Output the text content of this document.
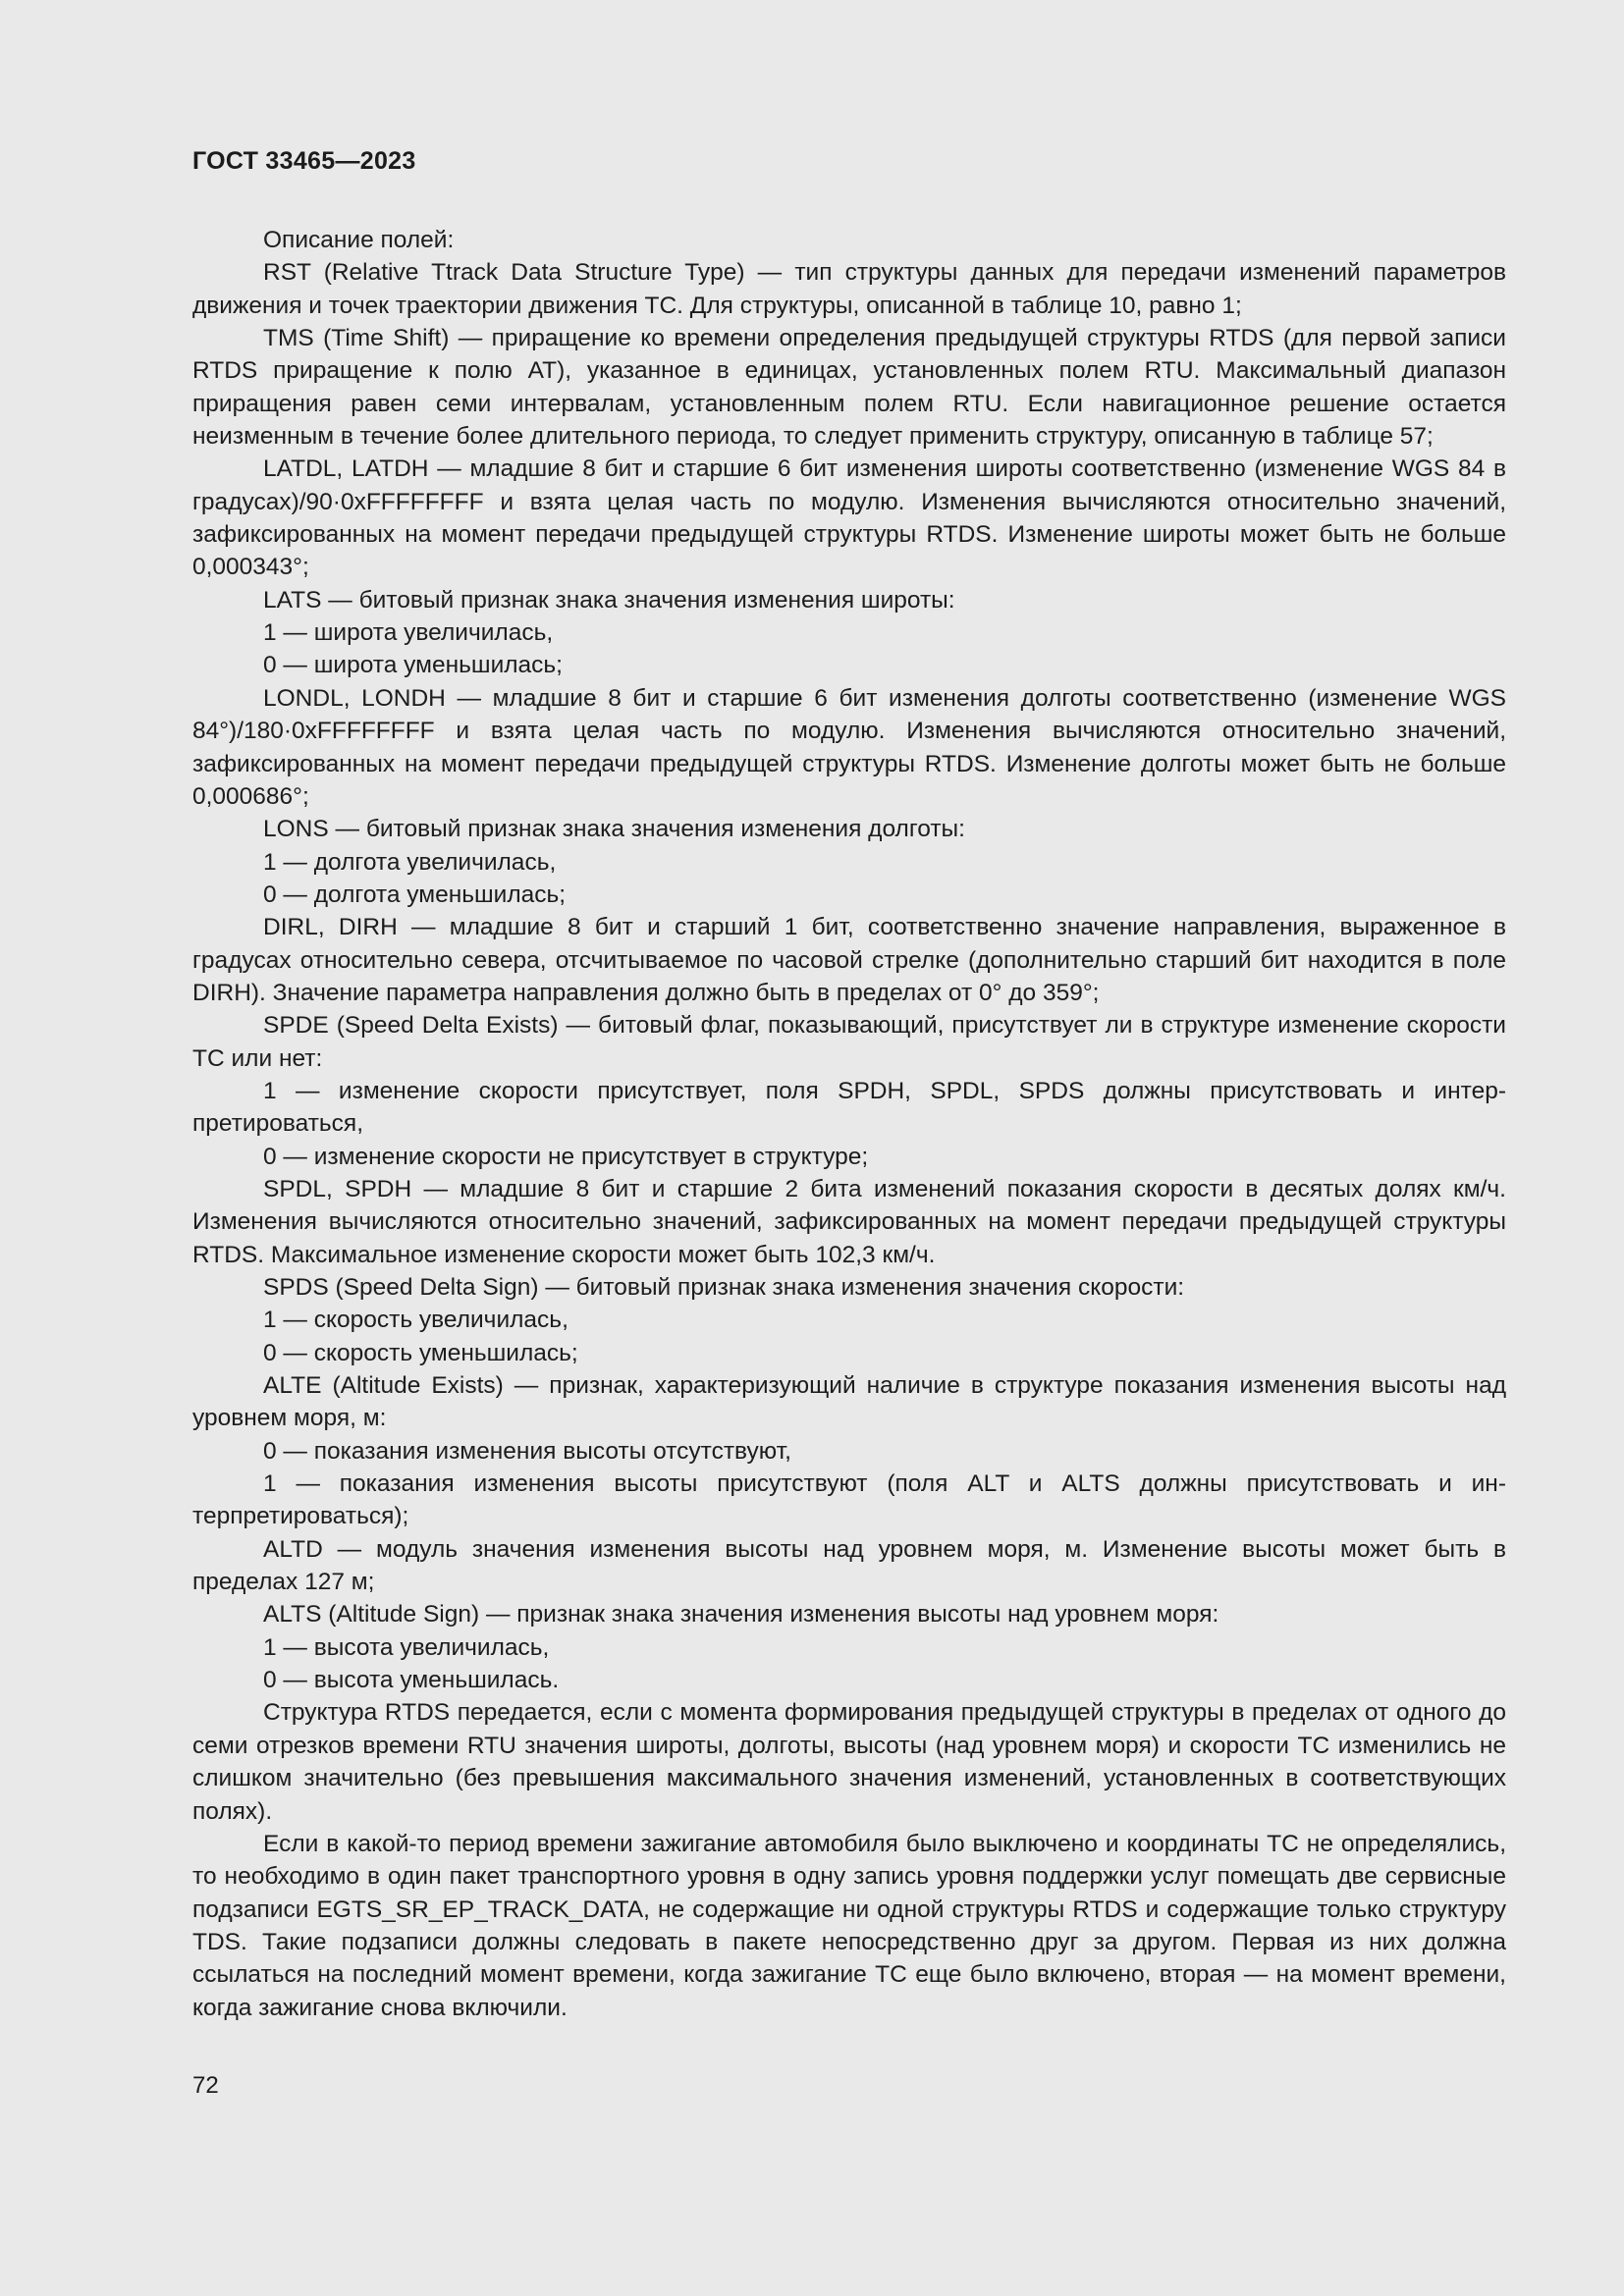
ГОСТ 33465—2023

Описание полей:

RST (Relative Ttrack Data Structure Type) — тип структуры данных для передачи изменений параметров движения и точек траектории движения ТС. Для структуры, описанной в таблице 10, равно 1;

TMS (Time Shift) — приращение ко времени определения предыдущей структуры RTDS (для первой записи RTDS приращение к полю AT), указанное в единицах, установленных полем RTU. Максимальный диапазон приращения равен семи интервалам, установленным полем RTU. Если навигационное решение остается неизменным в течение более длительного периода, то следует применить структуру, описанную в таблице 57;

LATDL, LATDH — младшие 8 бит и старшие 6 бит изменения широты соответственно (изменение WGS 84 в градусах)/90·0xFFFFFFFF и взята целая часть по модулю. Изменения вычисляются относительно значений, зафиксированных на момент передачи предыдущей структуры RTDS. Изменение широты может быть не больше 0,000343°;

LATS — битовый признак знака значения изменения широты:

1 — широта увеличилась,

0 — широта уменьшилась;

LONDL, LONDH — младшие 8 бит и старшие 6 бит изменения долготы соответственно (изменение WGS 84°)/180·0xFFFFFFFF и взята целая часть по модулю. Изменения вычисляются относительно значений, зафиксированных на момент передачи предыдущей структуры RTDS. Изменение долготы может быть не больше 0,000686°;

LONS — битовый признак знака значения изменения долготы:

1 — долгота увеличилась,

0 — долгота уменьшилась;

DIRL, DIRH — младшие 8 бит и старший 1 бит, соответственно значение направления, выраженное в градусах относительно севера, отсчитываемое по часовой стрелке (дополнительно старший бит находится в поле DIRH). Значение параметра направления должно быть в пределах от 0° до 359°;

SPDE (Speed Delta Exists) — битовый флаг, показывающий, присутствует ли в структуре изменение скорости ТС или нет:

1 — изменение скорости присутствует, поля SPDH, SPDL, SPDS должны присутствовать и интерпретироваться,

0 — изменение скорости не присутствует в структуре;

SPDL, SPDH — младшие 8 бит и старшие 2 бита изменений показания скорости в десятых долях км/ч. Изменения вычисляются относительно значений, зафиксированных на момент передачи предыдущей структуры RTDS. Максимальное изменение скорости может быть 102,3 км/ч.

SPDS (Speed Delta Sign) — битовый признак знака изменения значения скорости:

1 — скорость увеличилась,

0 — скорость уменьшилась;

ALTE (Altitude Exists) — признак, характеризующий наличие в структуре показания изменения высоты над уровнем моря, м:

0 — показания изменения высоты отсутствуют,

1 — показания изменения высоты присутствуют (поля ALT и ALTS должны присутствовать и интерпретироваться);

ALTD — модуль значения изменения высоты над уровнем моря, м. Изменение высоты может быть в пределах 127 м;

ALTS (Altitude Sign) — признак знака значения изменения высоты над уровнем моря:

1 — высота увеличилась,

0 — высота уменьшилась.

Структура RTDS передается, если с момента формирования предыдущей структуры в пределах от одного до семи отрезков времени RTU значения широты, долготы, высоты (над уровнем моря) и скорости ТС изменились не слишком значительно (без превышения максимального значения изменений, установленных в соответствующих полях).

Если в какой-то период времени зажигание автомобиля было выключено и координаты ТС не определялись, то необходимо в один пакет транспортного уровня в одну запись уровня поддержки услуг помещать две сервисные подзаписи EGTS_SR_EP_TRACK_DATA, не содержащие ни одной структуры RTDS и содержащие только структуру TDS. Такие подзаписи должны следовать в пакете непосредственно друг за другом. Первая из них должна ссылаться на последний момент времени, когда зажигание ТС еще было включено, вторая — на момент времени, когда зажигание снова включили.

72
